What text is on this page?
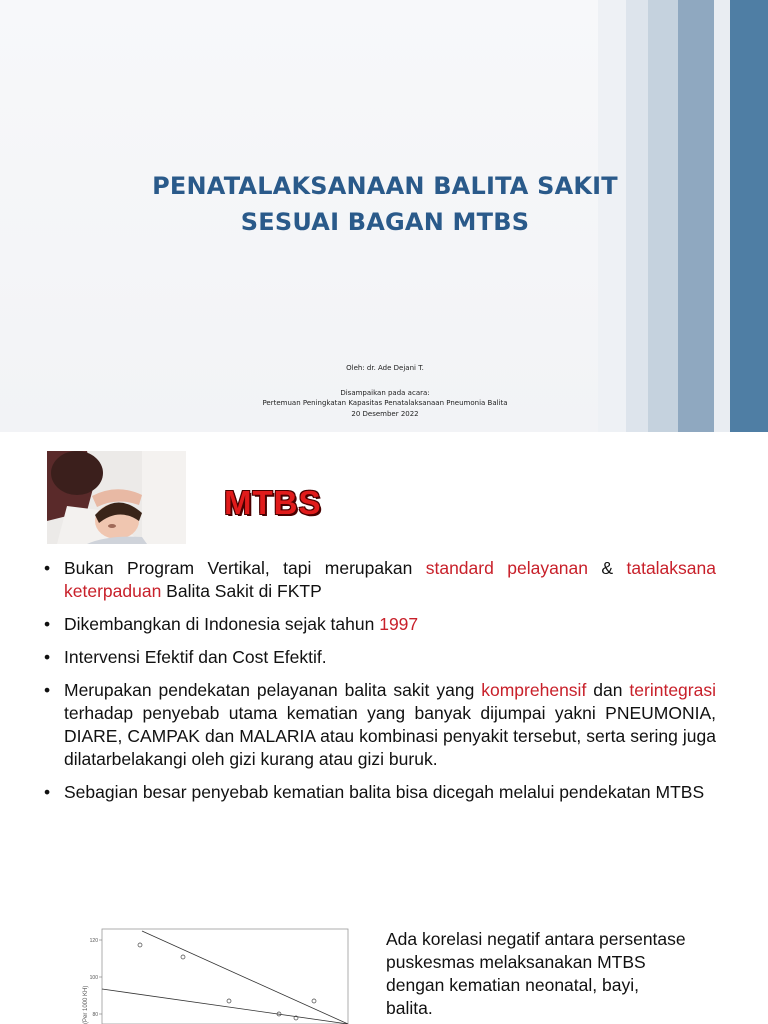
PENATALAKSANAAN BALITA SAKIT
SESUAI BAGAN MTBS
Oleh: dr. Ade Dejani T.
Disampaikan pada acara:
Pertemuan Peningkatan Kapasitas Penatalaksanaan Pneumonia Balita
20 Desember 2022
MTBS
• Bukan Program Vertikal, tapi merupakan standard pelayanan & tatalaksana keterpaduan Balita Sakit di FKTP
• Dikembangkan di Indonesia sejak tahun 1997
• Intervensi Efektif dan Cost Efektif.
• Merupakan pendekatan pelayanan balita sakit yang komprehensif dan terintegrasi terhadap penyebab utama kematian yang banyak dijumpai yakni PNEUMONIA, DIARE, CAMPAK dan MALARIA atau kombinasi penyakit tersebut, serta sering juga dilatarbelakangi oleh gizi kurang atau gizi buruk.
• Sebagian besar penyebab kematian balita bisa dicegah melalui pendekatan MTBS
120
100
80
(Per 1000 KH)
Ada korelasi negatif antara persentase puskesmas melaksanakan MTBS dengan kematian neonatal, bayi, balita.
